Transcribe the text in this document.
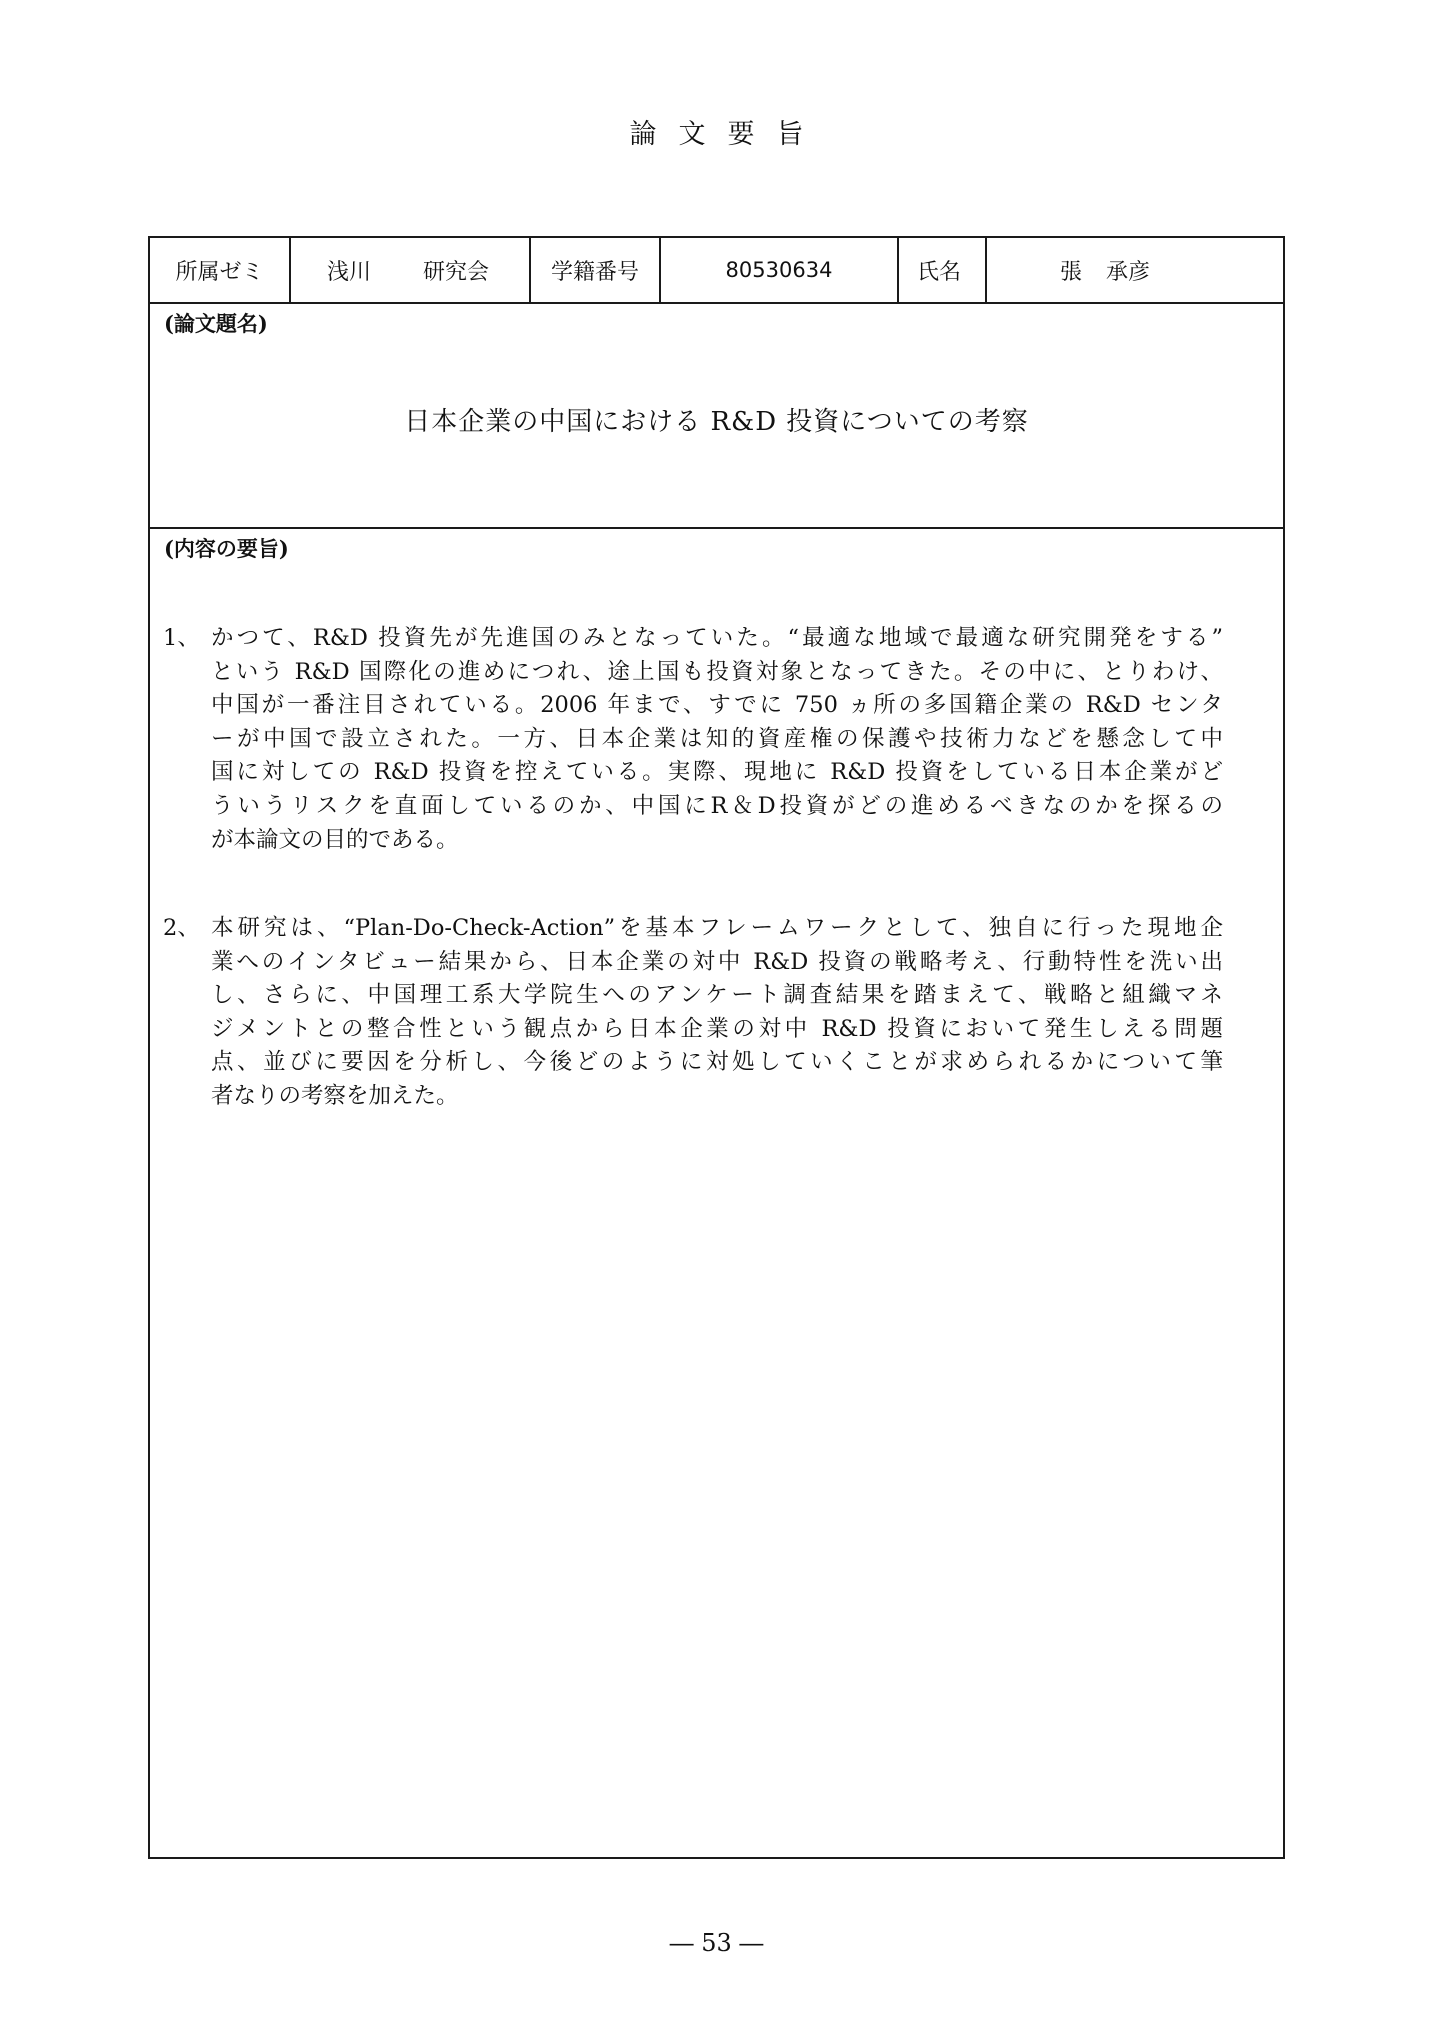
論文要旨
所属ゼミ	浅川 研究会	学籍番号	80530634	氏名	張 承彦
(論文題名)
日本企業の中国における R&D 投資についての考察
(内容の要旨)
1、 かつて、R&D 投資先が先進国のみとなっていた。“最適な地域で最適な研究開発をする”
という R&D 国際化の進めにつれ、途上国も投資対象となってきた。その中に、とりわけ、
中国が一番注目されている。2006 年まで、すでに 750 ヵ所の多国籍企業の R&D センタ
ーが中国で設立された。一方、日本企業は知的資産権の保護や技術力などを懸念して中
国に対しての R&D 投資を控えている。実際、現地に R&D 投資をしている日本企業がど
ういうリスクを直面しているのか、中国にR＆D投資がどの進めるべきなのかを探るの
が本論文の目的である。
2、 本研究は、“Plan-Do-Check-Action”を基本フレームワークとして、独自に行った現地企
業へのインタビュー結果から、日本企業の対中 R&D 投資の戦略考え、行動特性を洗い出
し、さらに、中国理工系大学院生へのアンケート調査結果を踏まえて、戦略と組織マネ
ジメントとの整合性という観点から日本企業の対中 R&D 投資において発生しえる問題
点、並びに要因を分析し、今後どのように対処していくことが求められるかについて筆
者なりの考察を加えた。
― 53 ―
